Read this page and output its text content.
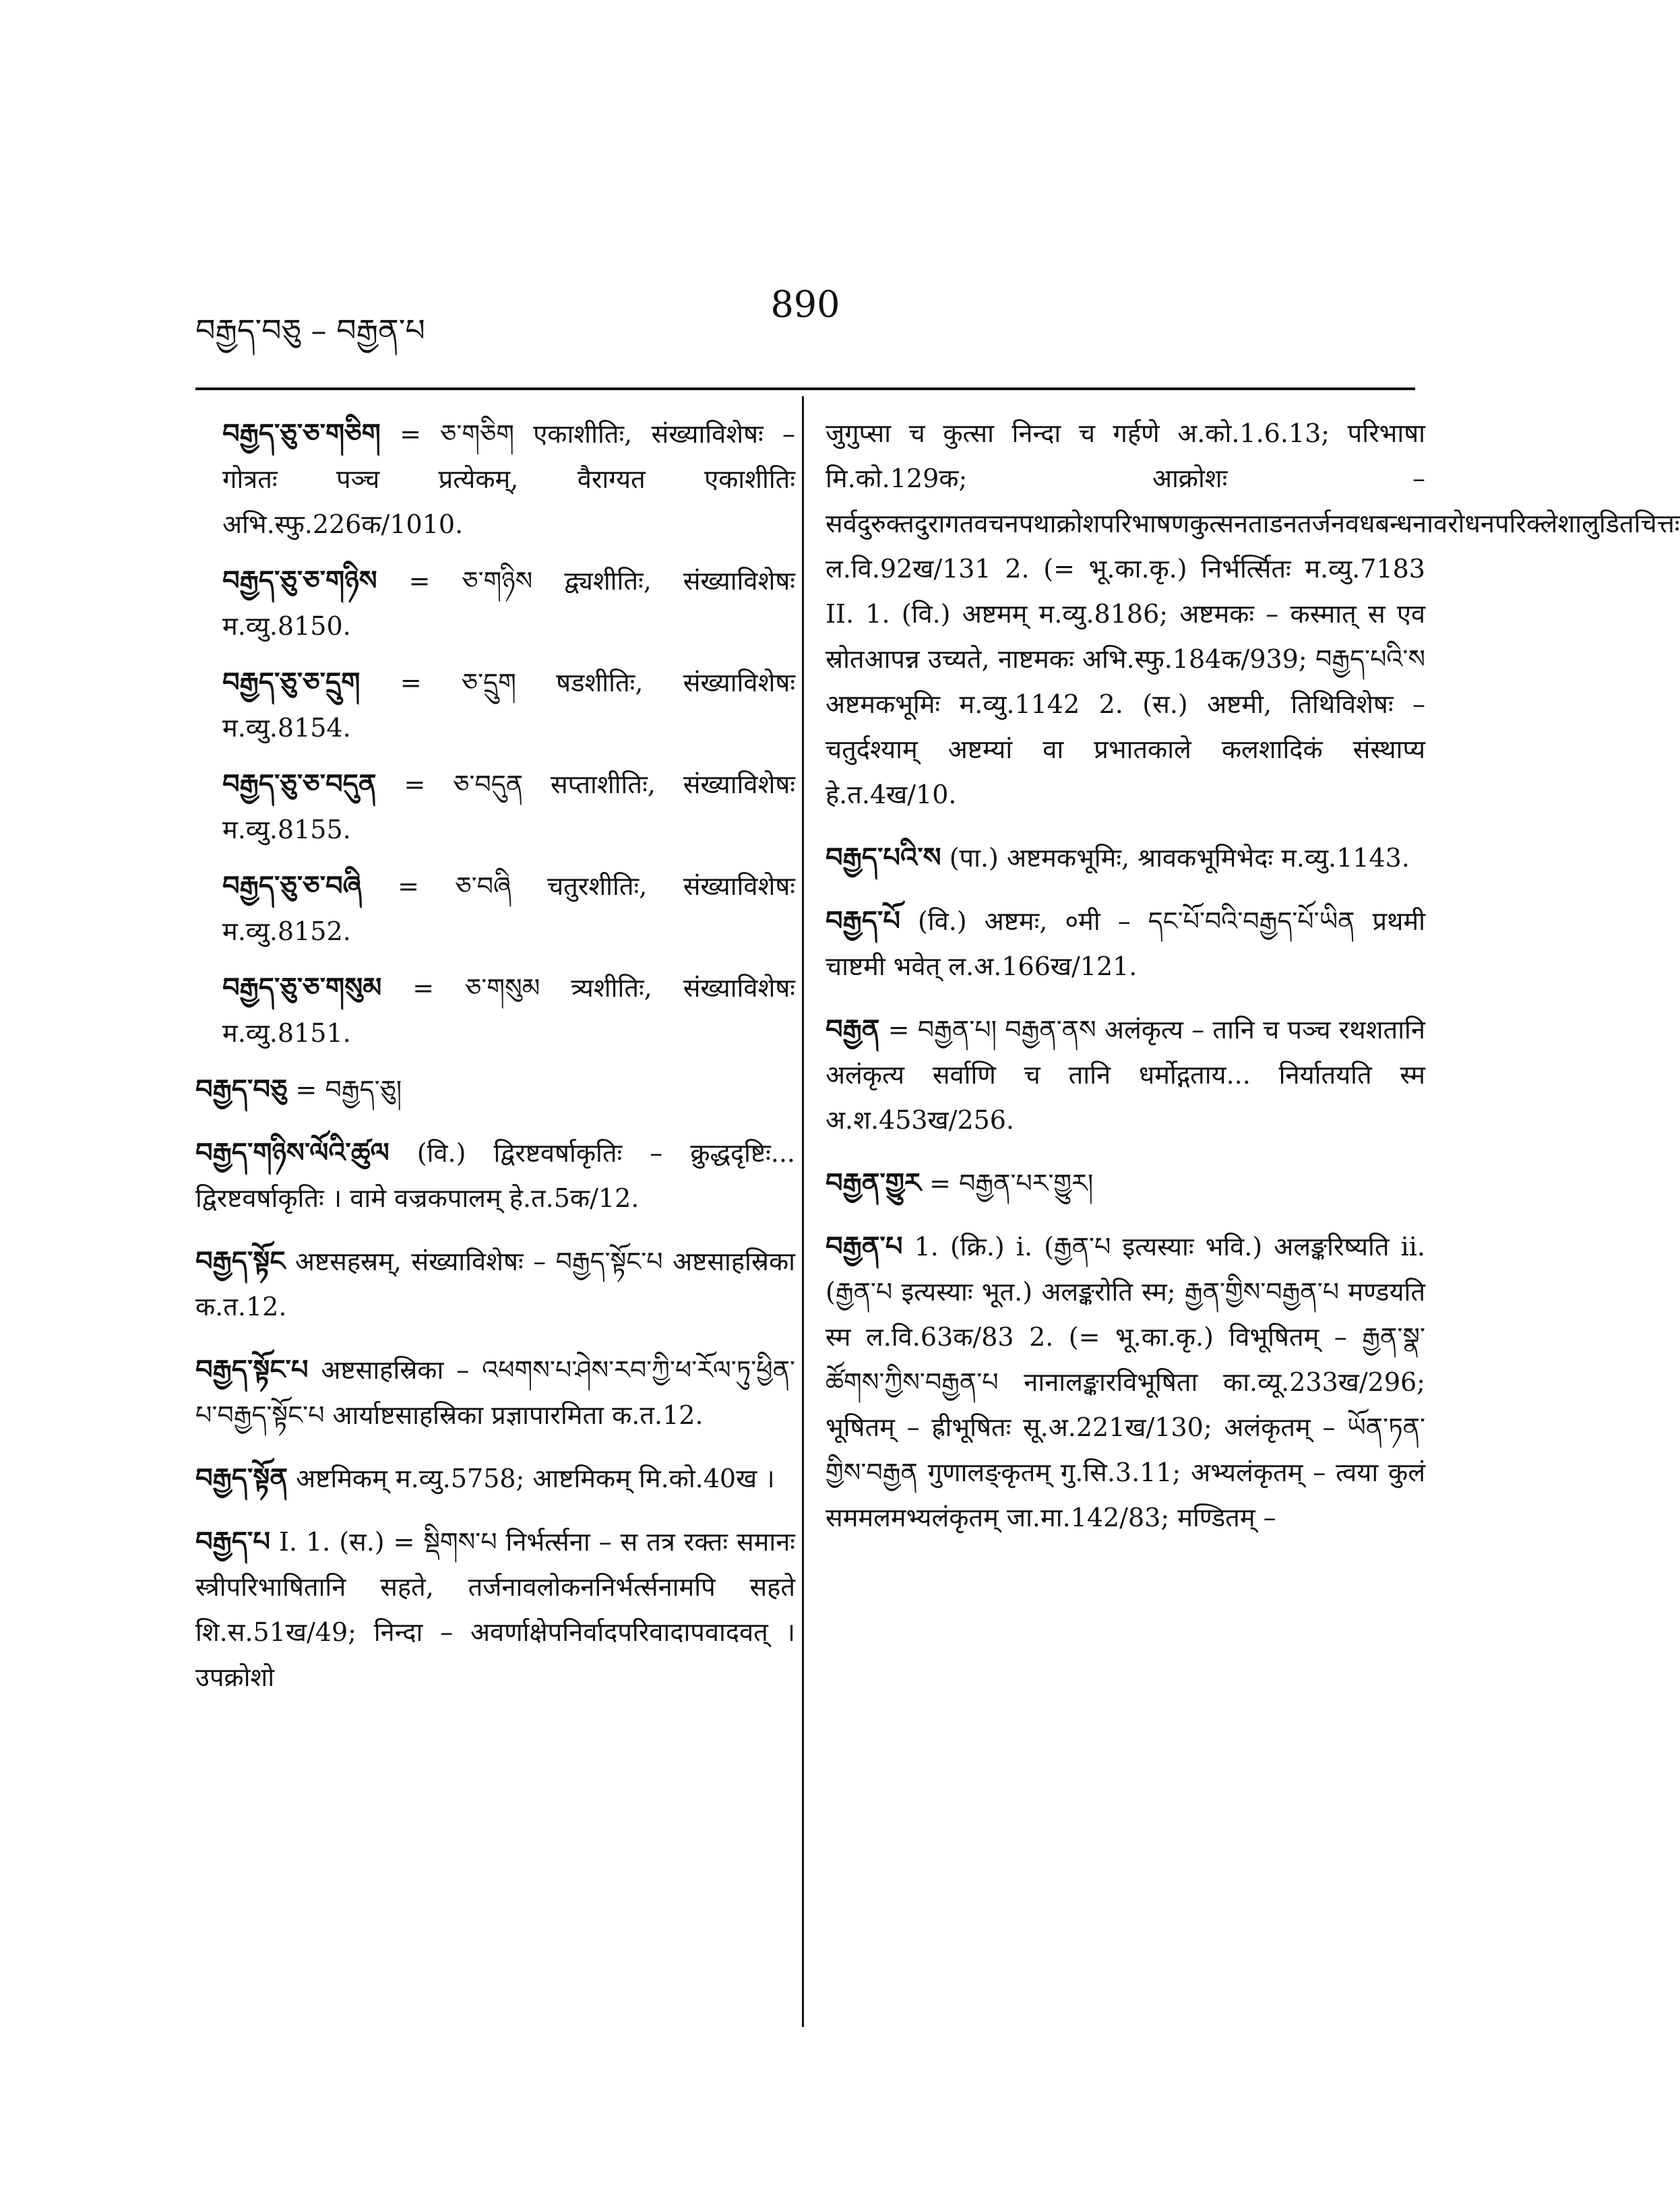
བརྒྱད་བཅུ – བརྒྱན་པ
890

བརྒྱད་ཅུ་ཅ་གཅིག = ཅ་གཅིག एकाशीतिः, संख्याविशेषः – गोत्रतः पञ्च प्रत्येकम्, वैराग्यत एकाशीतिः अभि.स्फु.226क/1010.

བརྒྱད་ཅུ་ཅ་གཉིས = ཅ་གཉིས द्व्यशीतिः, संख्याविशेषः म.व्यु.8150.

བརྒྱད་ཅུ་ཅ་དྲུག = ཅ་དྲུག षडशीतिः, संख्याविशेषः म.व्यु.8154.

བརྒྱད་ཅུ་ཅ་བདུན = ཅ་བདུན सप्ताशीतिः, संख्याविशेषः म.व्यु.8155.

བརྒྱད་ཅུ་ཅ་བཞི = ཅ་བཞི चतुरशीतिः, संख्याविशेषः म.व्यु.8152.

བརྒྱད་ཅུ་ཅ་གསུམ = ཅ་གསུམ त्र्यशीतिः, संख्याविशेषः म.व्यु.8151.

བརྒྱད་བཅུ = བརྒྱད་ཅུ།

བརྒྱད་གཉིས་ལོའི་ཚུལ (वि.) द्विरष्टवर्षाकृतिः – क्रुद्धदृष्टिः... द्विरष्टवर्षाकृतिः । वामे वज्रकपालम् हे.त.5क/12.

བརྒྱད་སྟོང अष्टसहस्रम्, संख्याविशेषः – བརྒྱད་སྟོང་པ अष्टसाहस्रिका क.त.12.

བརྒྱད་སྟོང་པ अष्टसाहस्रिका – འཕགས་པ་ཤེས་རབ་ཀྱི་ཕ་རོལ་ཏུ་ཕྱིན་པ་བརྒྱད་སྟོང་པ आर्याष्टसाहस्रिका प्रज्ञापारमिता क.त.12.

བརྒྱད་སྟོན अष्टमिकम् म.व्यु.5758; आष्टमिकम् मि.को.40ख ।

བརྒྱད་པ I. 1. (स.) = སྡིགས་པ निर्भर्त्सना – स तत्र रक्तः समानः स्त्रीपरिभाषितानि सहते, तर्जनावलोकननिर्भर्त्सनामपि सहते शि.स.51ख/49; निन्दा – अवर्णाक्षेपनिर्वादपरिवादापवादवत् । उपक्रोशो

जुगुप्सा च कुत्सा निन्दा च गर्हणे अ.को.1.6.13; परिभाषा मि.को.129क; आक्रोशः – सर्वदुरुक्तदुरागतवचनपथाक्रोशपरिभाषणकुत्सनताडनतर्जनवधबन्धनावरोधनपरिक्लेशालुडितचित्तः ल.वि.92ख/131 2. (= भू.का.कृ.) निर्भर्त्सितः म.व्यु.7183 II. 1. (वि.) अष्टमम् म.व्यु.8186; अष्टमकः – कस्मात् स एव स्रोतआपन्न उच्यते, नाष्टमकः अभि.स्फु.184क/939; བརྒྱད་པའི་ས अष्टमकभूमिः म.व्यु.1142 2. (स.) अष्टमी, तिथिविशेषः – चतुर्दश्याम् अष्टम्यां वा प्रभातकाले कलशादिकं संस्थाप्य हे.त.4ख/10.

བརྒྱད་པའི་ས (पा.) अष्टमकभूमिः, श्रावकभूमिभेदः म.व्यु.1143.

བརྒྱད་པོ (वि.) अष्टमः, ०मी – དང་པོ་བའི་བརྒྱད་པོ་ཡིན प्रथमी चाष्टमी भवेत् ल.अ.166ख/121.

བརྒྱན = བརྒྱན་པ། བརྒྱན་ནས अलंकृत्य – तानि च पञ्च रथशतानि अलंकृत्य सर्वाणि च तानि धर्मोद्गताय... निर्यातयति स्म अ.श.453ख/256.

བརྒྱན་གྱུར = བརྒྱན་པར་གྱུར།

བརྒྱན་པ 1. (क्रि.) i. (རྒྱན་པ इत्यस्याः भवि.) अलङ्करिष्यति ii. (རྒྱན་པ इत्यस्याः भूत.) अलङ्करोति स्म; རྒྱན་གྱིས་བརྒྱན་པ मण्डयति स्म ल.वि.63क/83 2. (= भू.का.कृ.) विभूषितम् – རྒྱན་སྣ་ཚོགས་ཀྱིས་བརྒྱན་པ नानालङ्कारविभूषिता का.व्यू.233ख/296; भूषितम् – ह्रीभूषितः सू.अ.221ख/130; अलंकृतम् – ཡོན་ཏན་གྱིས་བརྒྱན गुणालङ्कृतम् गु.सि.3.11; अभ्यलंकृतम् – त्वया कुलं सममलमभ्यलंकृतम् जा.मा.142/83; मण्डितम् –
